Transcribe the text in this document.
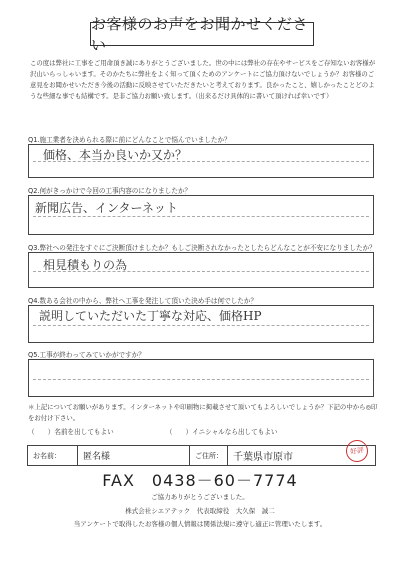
お客様のお声をお聞かせください
この度は弊社に工事をご用命頂き誠にありがとうございました。世の中には弊社の存在やサービスをご存知ないお客様が沢山いらっしゃいます。そのかたちに弊社をよく知って頂くためのアンケートにご協力頂けないでしょうか？お客様のご意見をお聞かせいただき今後の活動に反映させていただきたいと考えております。良かったこと、嬉しかったことどのような些細な事でも結構です。是非ご協力お願い致します。（出来るだけ具体的に書いて頂ければ幸いです）
Q1.施工業者を決められる際に前にどんなことで悩んでいましたか？
価格、本当か良いか又か？
Q2.何がきっかけで今回の工事内容のになりましたか？
新聞広告、インターネット
Q3.弊社への発注をすぐにご決断頂けましたか？もしご決断されなかったとしたらどんなことが不安になりましたか？
相見積もりの為
Q4.数ある会社の中から、弊社へ工事を発注して頂いた決め手は何でしたか？
説明していただいた丁寧な対応、価格HP
Q5.工事が終わってみていかがですか？
＊上記についてお願いがあります。インターネットや印刷物に掲載させて頂いてもよろしいでしょうか？下記の中から◎印をお付け下さい。
（　　）名前を出してもよい	（　　）イニシャルなら出してもよい
お名前：	匿名様	ご住所：	千葉県市原市
好評
FAX　0438－60－7774
ご協力ありがとうございました。
株式会社シエアテック　代表取締役　大久保　誠二
当アンケートで取得したお客様の個人情報は関係法規に遵守し適正に管理いたします。
